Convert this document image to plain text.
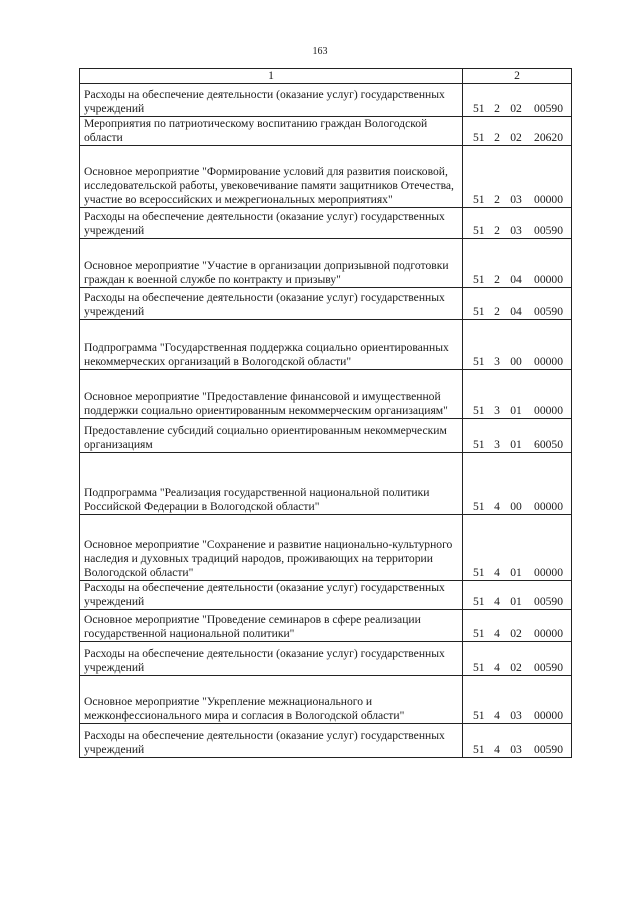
163
1	2
Расходы на обеспечение деятельности (оказание услуг) государственных учреждений	51 2 02 00590

Мероприятия по патриотическому воспитанию граждан Вологодской области	51 2 02 20620

Основное мероприятие "Формирование условий для развития поисковой, исследовательской работы, увековечивание памяти защитников Отечества, участие во всероссийских и межрегиональных мероприятиях"	51 2 03 00000

Расходы на обеспечение деятельности (оказание услуг) государственных учреждений	51 2 03 00590

Основное мероприятие "Участие в организации допризывной подготовки граждан к военной службе по контракту и призыву"	51 2 04 00000

Расходы на обеспечение деятельности (оказание услуг) государственных учреждений	51 2 04 00590

Подпрограмма "Государственная поддержка социально ориентированных некоммерческих организаций в Вологодской области"	51 3 00 00000

Основное мероприятие "Предоставление финансовой и имущественной поддержки социально ориентированным некоммерческим организациям"	51 3 01 00000

Предоставление субсидий социально ориентированным некоммерческим организациям	51 3 01 60050

Подпрограмма "Реализация государственной национальной политики Российской Федерации в Вологодской области"	51 4 00 00000

Основное мероприятие "Сохранение и развитие национально-культурного наследия и духовных традиций народов, проживающих на территории Вологодской области"	51 4 01 00000

Расходы на обеспечение деятельности (оказание услуг) государственных учреждений	51 4 01 00590

Основное мероприятие "Проведение семинаров в сфере реализации государственной национальной политики"	51 4 02 00000

Расходы на обеспечение деятельности (оказание услуг) государственных учреждений	51 4 02 00590

Основное мероприятие "Укрепление межнационального и межконфессионального мира и согласия в Вологодской области"	51 4 03 00000

Расходы на обеспечение деятельности (оказание услуг) государственных учреждений	51 4 03 00590
